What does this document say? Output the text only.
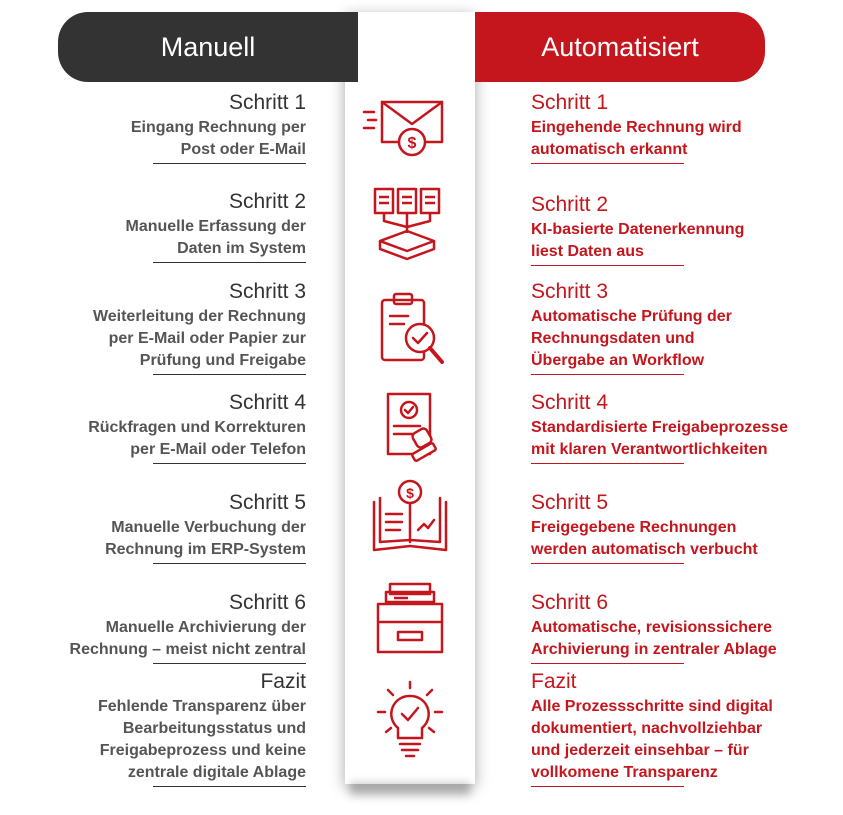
Manuell	Automatisiert
Schritt 1
Eingang Rechnung per
Post oder E-Mail
Schritt 2
Manuelle Erfassung der
Daten im System
Schritt 3
Weiterleitung der Rechnung
per E-Mail oder Papier zur
Prüfung und Freigabe
Schritt 4
Rückfragen und Korrekturen
per E-Mail oder Telefon
Schritt 5
Manuelle Verbuchung der
Rechnung im ERP-System
Schritt 6
Manuelle Archivierung der
Rechnung – meist nicht zentral
Fazit
Fehlende Transparenz über
Bearbeitungsstatus und
Freigabeprozess und keine
zentrale digitale Ablage
Schritt 1
Eingehende Rechnung wird
automatisch erkannt
Schritt 2
KI-basierte Datenerkennung
liest Daten aus
Schritt 3
Automatische Prüfung der
Rechnungsdaten und
Übergabe an Workflow
Schritt 4
Standardisierte Freigabeprozesse
mit klaren Verantwortlichkeiten
Schritt 5
Freigegebene Rechnungen
werden automatisch verbucht
Schritt 6
Automatische, revisionssichere
Archivierung in zentraler Ablage
Fazit
Alle Prozessschritte sind digital
dokumentiert, nachvollziehbar
und jederzeit einsehbar – für
vollkomene Transparenz
$
$
